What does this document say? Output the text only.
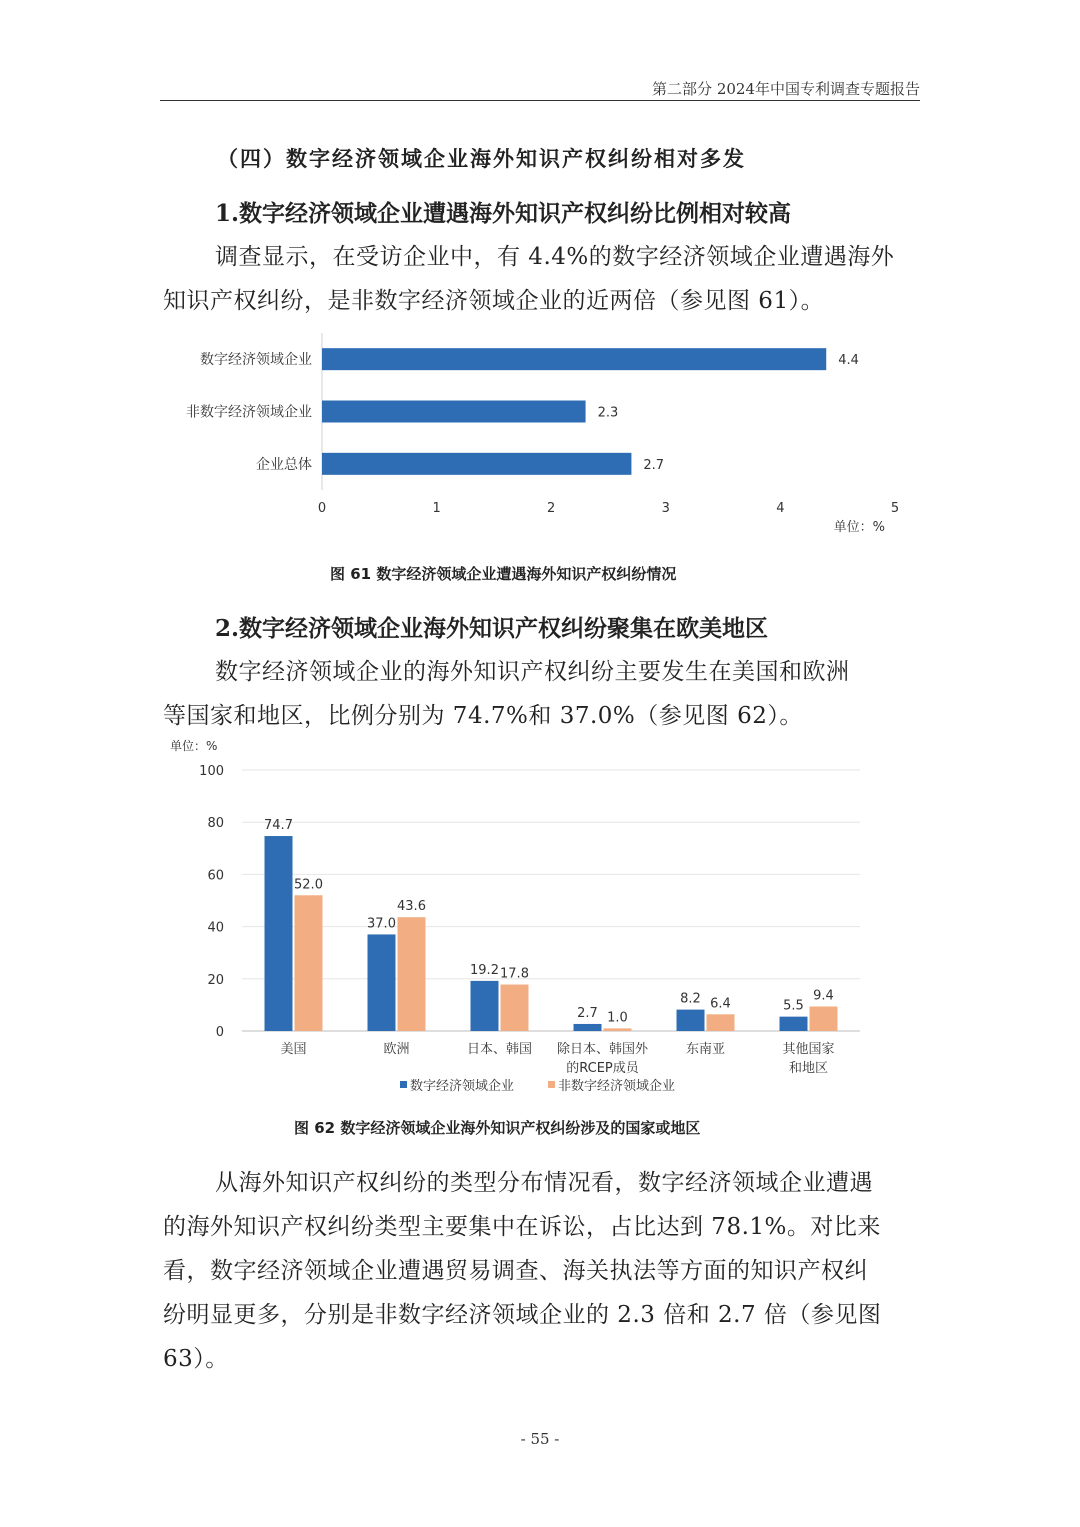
第二部分 2024年中国专利调查专题报告
（四）数字经济领域企业海外知识产权纠纷相对多发
1.数字经济领域企业遭遇海外知识产权纠纷比例相对较高
调查显示，在受访企业中，有 4.4%的数字经济领域企业遭遇海外
知识产权纠纷，是非数字经济领域企业的近两倍（参见图 61）。
数字经济领域企业	4.4
非数字经济领域企业	2.3
企业总体	2.7
0	1	2	3	4	5
单位：%
图 61 数字经济领域企业遭遇海外知识产权纠纷情况
2.数字经济领域企业海外知识产权纠纷聚集在欧美地区
数字经济领域企业的海外知识产权纠纷主要发生在美国和欧洲
等国家和地区，比例分别为 74.7%和 37.0%（参见图 62）。
单位：%
0
20
40
60
80
100
74.7
52.0
美国
37.0
43.6
欧洲
19.2 17.8
日本、韩国
2.7 1.0
除日本、韩国外
的RCEP成员
8.2 6.4
东南亚
5.5
9.4
其他国家
和地区
数字经济领域企业	非数字经济领域企业
图 62 数字经济领域企业海外知识产权纠纷涉及的国家或地区
从海外知识产权纠纷的类型分布情况看，数字经济领域企业遭遇
的海外知识产权纠纷类型主要集中在诉讼，占比达到 78.1%。对比来
看，数字经济领域企业遭遇贸易调查、海关执法等方面的知识产权纠
纷明显更多，分别是非数字经济领域企业的 2.3 倍和 2.7 倍（参见图
63）。
- 55 -
